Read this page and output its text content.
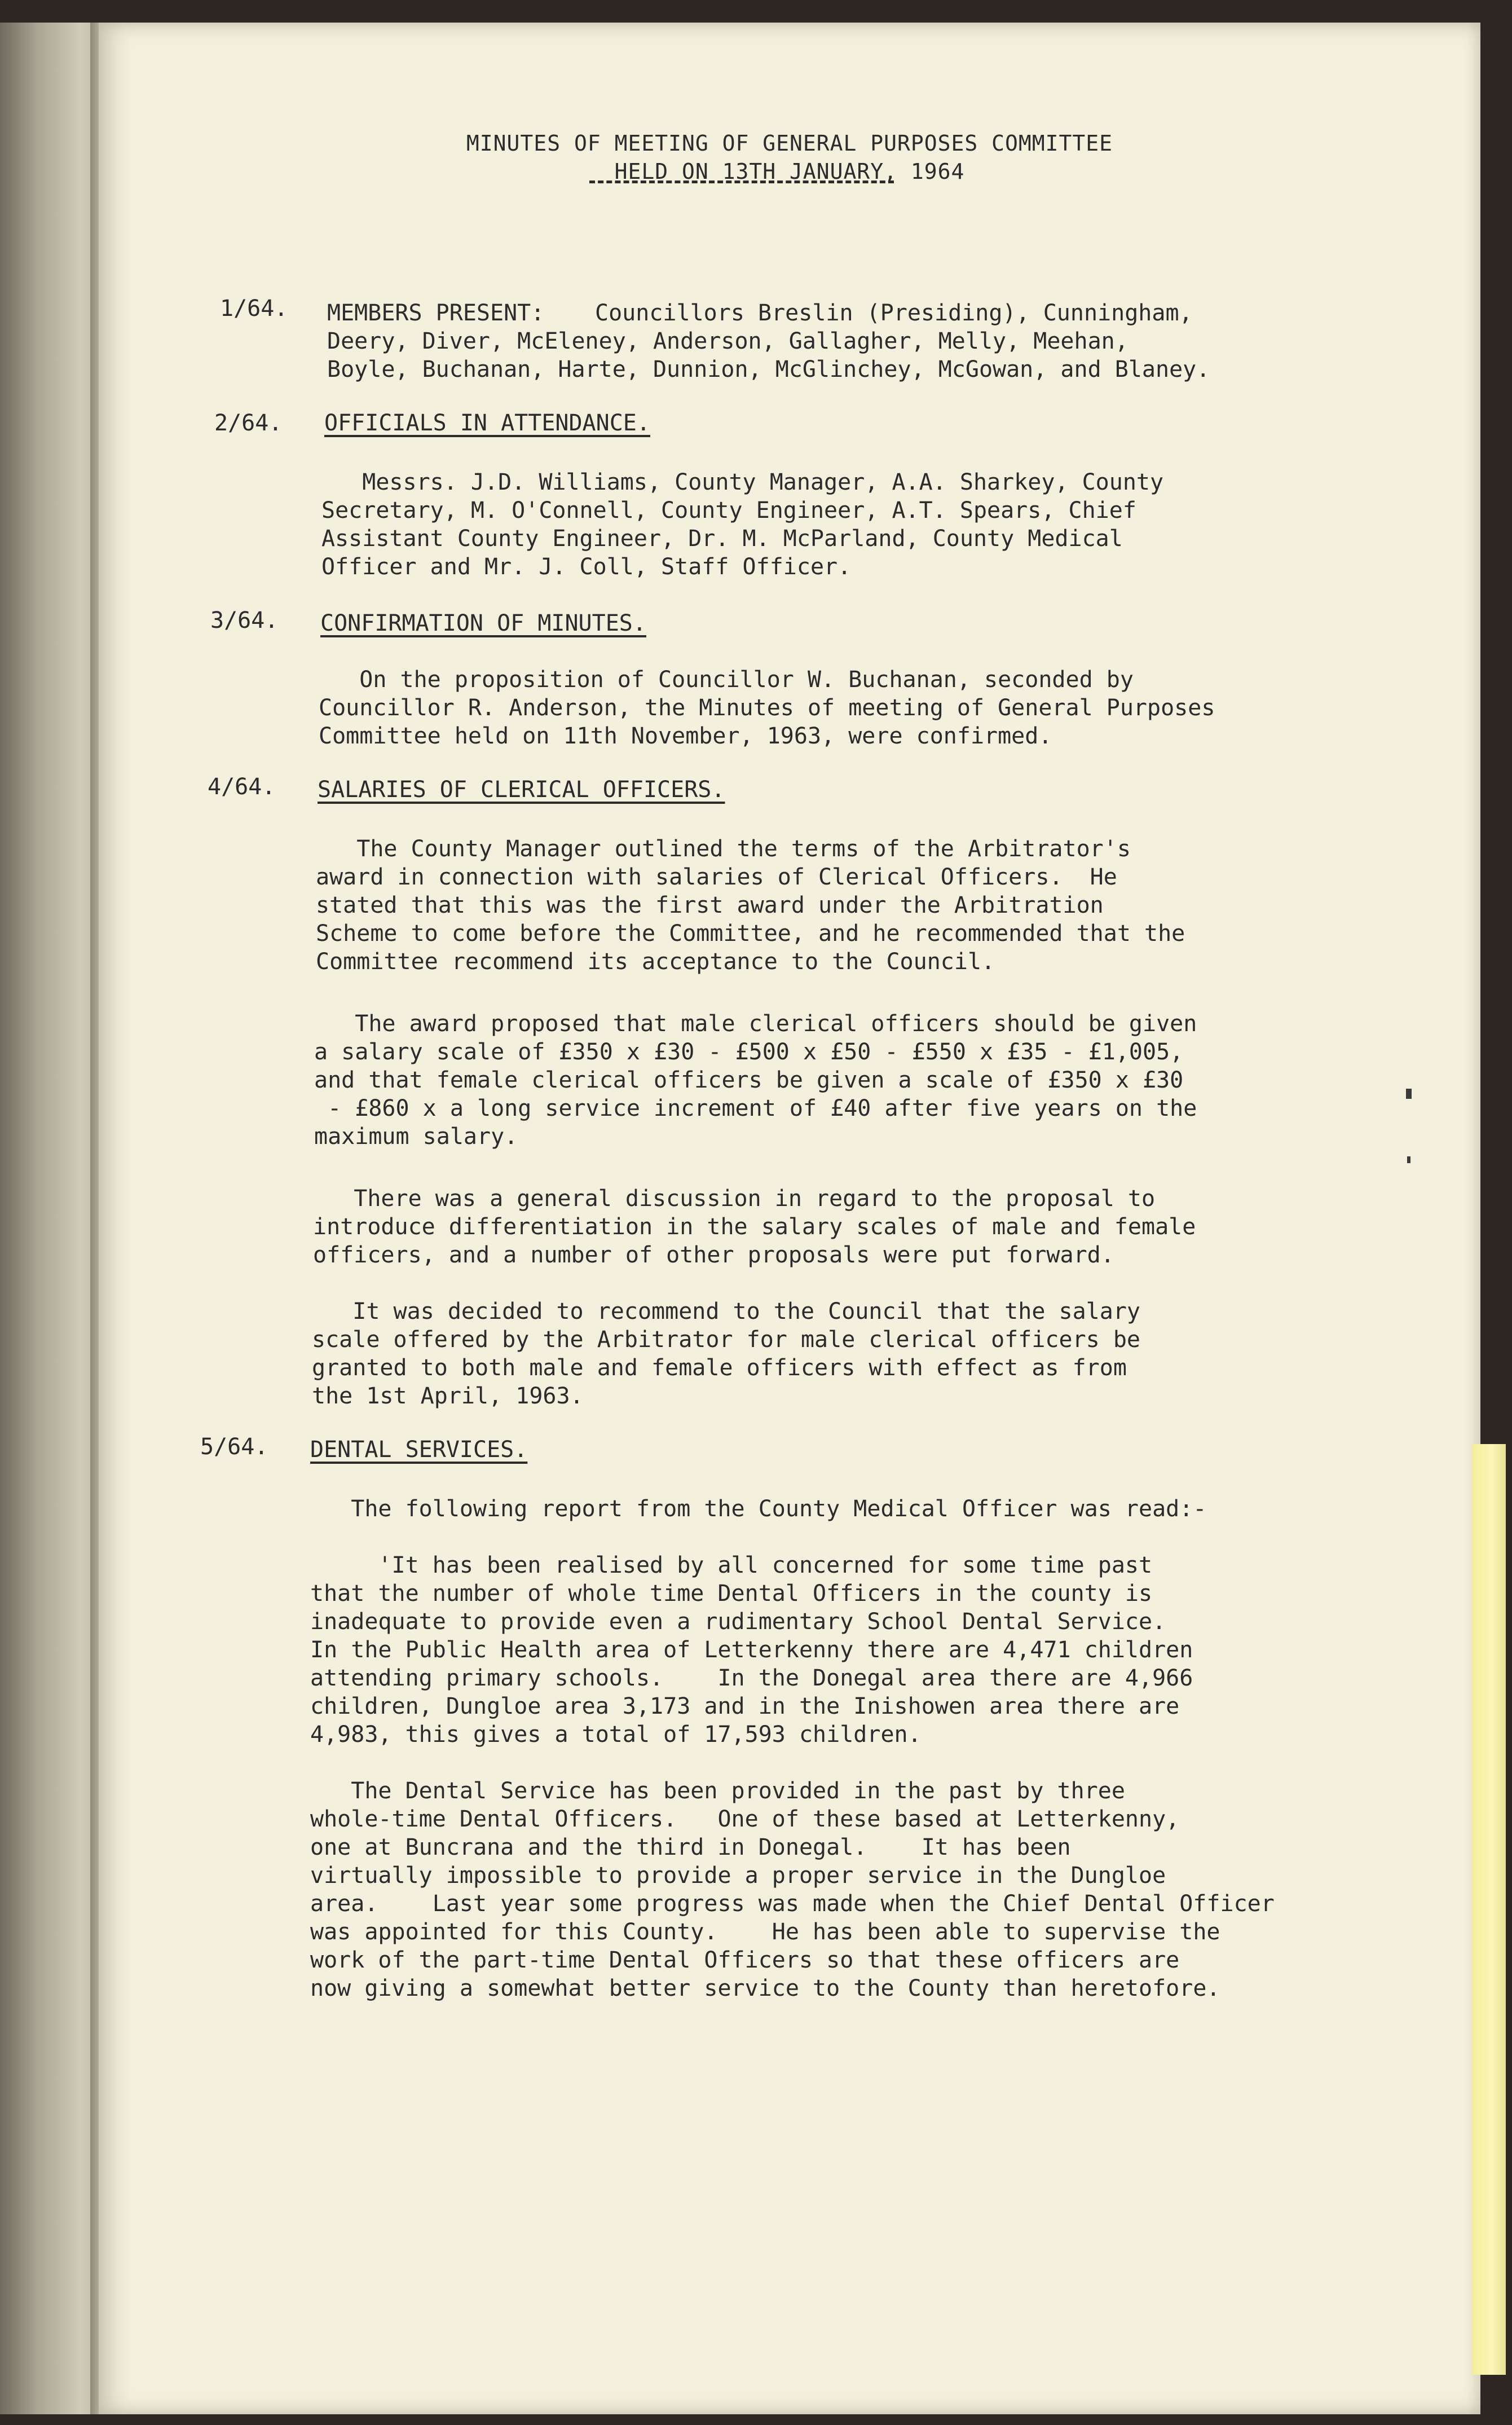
MINUTES OF MEETING OF GENERAL PURPOSES COMMITTEE
HELD ON 13TH JANUARY, 1964
1/64. MEMBERS PRESENT: Councillors Breslin (Presiding), Cunningham,
Deery, Diver, McEleney, Anderson, Gallagher, Melly, Meehan,
Boyle, Buchanan, Harte, Dunnion, McGlinchey, McGowan, and Blaney.
2/64. OFFICIALS IN ATTENDANCE.
Messrs. J.D. Williams, County Manager, A.A. Sharkey, County
Secretary, M. O'Connell, County Engineer, A.T. Spears, Chief
Assistant County Engineer, Dr. M. McParland, County Medical
Officer and Mr. J. Coll, Staff Officer.
3/64. CONFIRMATION OF MINUTES.
On the proposition of Councillor W. Buchanan, seconded by
Councillor R. Anderson, the Minutes of meeting of General Purposes
Committee held on 11th November, 1963, were confirmed.
4/64. SALARIES OF CLERICAL OFFICERS.
The County Manager outlined the terms of the Arbitrator's
award in connection with salaries of Clerical Officers.  He
stated that this was the first award under the Arbitration
Scheme to come before the Committee, and he recommended that the
Committee recommend its acceptance to the Council.
The award proposed that male clerical officers should be given
a salary scale of £350 x £30 - £500 x £50 - £550 x £35 - £1,005,
and that female clerical officers be given a scale of £350 x £30
- £860 x a long service increment of £40 after five years on the
maximum salary.
There was a general discussion in regard to the proposal to
introduce differentiation in the salary scales of male and female
officers, and a number of other proposals were put forward.
It was decided to recommend to the Council that the salary
scale offered by the Arbitrator for male clerical officers be
granted to both male and female officers with effect as from
the 1st April, 1963.
5/64. DENTAL SERVICES.
The following report from the County Medical Officer was read:-
'It has been realised by all concerned for some time past
that the number of whole time Dental Officers in the county is
inadequate to provide even a rudimentary School Dental Service.
In the Public Health area of Letterkenny there are 4,471 children
attending primary schools.    In the Donegal area there are 4,966
children, Dungloe area 3,173 and in the Inishowen area there are
4,983, this gives a total of 17,593 children.
The Dental Service has been provided in the past by three
whole-time Dental Officers.   One of these based at Letterkenny,
one at Buncrana and the third in Donegal.    It has been
virtually impossible to provide a proper service in the Dungloe
area.    Last year some progress was made when the Chief Dental Officer
was appointed for this County.    He has been able to supervise the
work of the part-time Dental Officers so that these officers are
now giving a somewhat better service to the County than heretofore.
